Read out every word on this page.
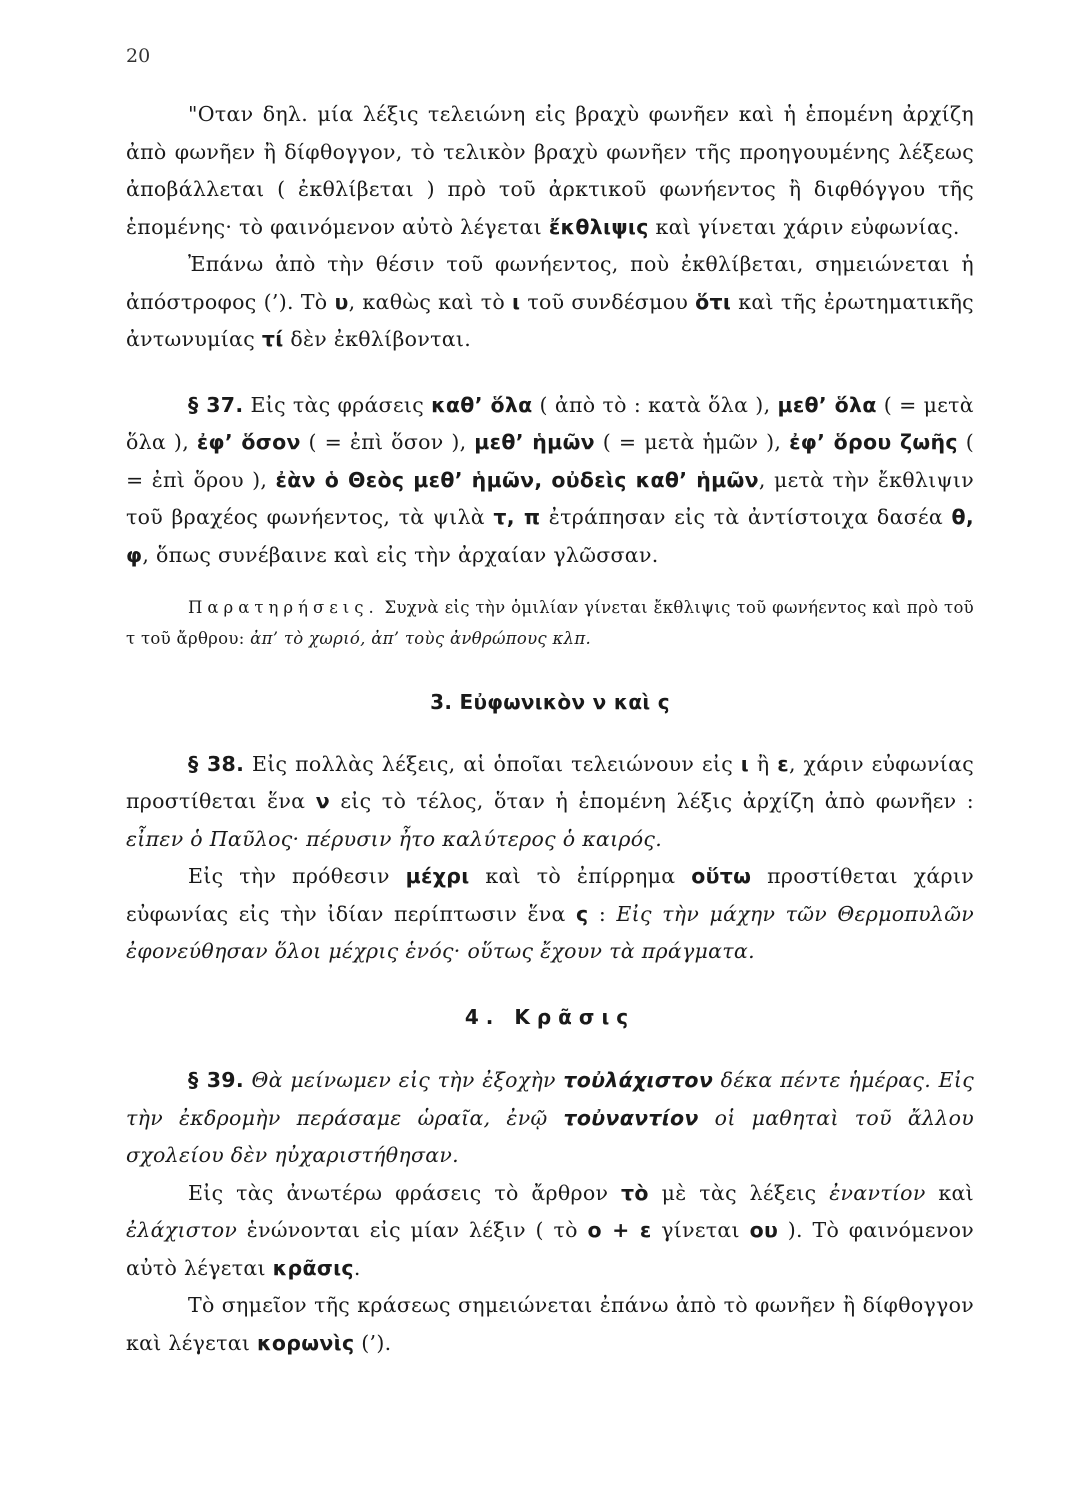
20

"Οταν δηλ. μία λέξις τελειώνη εἰς βραχὺ φωνῆεν καὶ ἡ ἑπομένη ἀρχίζη ἀπὸ φωνῆεν ἢ δίφθογγον, τὸ τελικὸν βραχὺ φωνῆεν τῆς προηγουμένης λέξεως ἀποβάλλεται ( ἐκθλίβεται ) πρὸ τοῦ ἀρκτικοῦ φωνήεντος ἢ διφθόγγου τῆς ἑπομένης· τὸ φαινόμενον αὐτὸ λέγεται ἔκθλιψις καὶ γίνεται χάριν εὐφωνίας.

Ἐπάνω ἀπὸ τὴν θέσιν τοῦ φωνήεντος, ποὺ ἐκθλίβεται, σημειώνεται ἡ ἀπόστροφος (’). Τὸ υ, καθὼς καὶ τὸ ι τοῦ συνδέσμου ὅτι καὶ τῆς ἐρωτηματικῆς ἀντωνυμίας τί δὲν ἐκθλίβονται.

§ 37. Εἰς τὰς φράσεις καθ’ ὅλα ( ἀπὸ τὸ : κατὰ ὅλα ), μεθ’ ὅλα ( = μετὰ ὅλα ), ἐφ’ ὅσον ( = ἐπὶ ὅσον ), μεθ’ ἡμῶν ( = μετὰ ἡμῶν ), ἐφ’ ὅρου ζωῆς ( = ἐπὶ ὅρου ), ἐὰν ὁ Θεὸς μεθ’ ἡμῶν, οὐδεὶς καθ’ ἡμῶν, μετὰ τὴν ἔκθλιψιν τοῦ βραχέος φωνήεντος, τὰ ψιλὰ τ, π ἐτράπησαν εἰς τὰ ἀντίστοιχα δασέα θ, φ, ὅπως συνέβαινε καὶ εἰς τὴν ἀρχαίαν γλῶσσαν.

Παρατηρήσεις. Συχνὰ εἰς τὴν ὁμιλίαν γίνεται ἔκθλιψις τοῦ φωνήεντος καὶ πρὸ τοῦ τ τοῦ ἄρθρου: ἀπ’ τὸ χωριό, ἀπ’ τοὺς ἀνθρώπους κλπ.

3. Εὐφωνικὸν ν καὶ ς

§ 38. Εἰς πολλὰς λέξεις, αἱ ὁποῖαι τελειώνουν εἰς ι ἢ ε, χάριν εὐφωνίας προστίθεται ἕνα ν εἰς τὸ τέλος, ὅταν ἡ ἑπομένη λέξις ἀρχίζη ἀπὸ φωνῆεν : εἶπεν ὁ Παῦλος· πέρυσιν ἦτο καλύτερος ὁ καιρός.

Εἰς τὴν πρόθεσιν μέχρι καὶ τὸ ἐπίρρημα οὕτω προστίθεται χάριν εὐφωνίας εἰς τὴν ἰδίαν περίπτωσιν ἕνα ς : Εἰς τὴν μάχην τῶν Θερμοπυλῶν ἐφονεύθησαν ὅλοι μέχρις ἑνός· οὕτως ἔχουν τὰ πράγματα.

4. Κρᾶσις

§ 39. Θὰ μείνωμεν εἰς τὴν ἐξοχὴν τοὐλάχιστον δέκα πέντε ἡμέρας. Εἰς τὴν ἐκδρομὴν περάσαμε ὡραῖα, ἐνῷ τοὐναντίον οἱ μαθηταὶ τοῦ ἄλλου σχολείου δὲν ηὐχαριστήθησαν.

Εἰς τὰς ἀνωτέρω φράσεις τὸ ἄρθρον τὸ μὲ τὰς λέξεις ἐναντίον καὶ ἐλάχιστον ἑνώνονται εἰς μίαν λέξιν ( τὸ ο + ε γίνεται ου ). Τὸ φαινόμενον αὐτὸ λέγεται κρᾶσις.

Τὸ σημεῖον τῆς κράσεως σημειώνεται ἐπάνω ἀπὸ τὸ φωνῆεν ἢ δίφθογγον καὶ λέγεται κορωνὶς (’).
